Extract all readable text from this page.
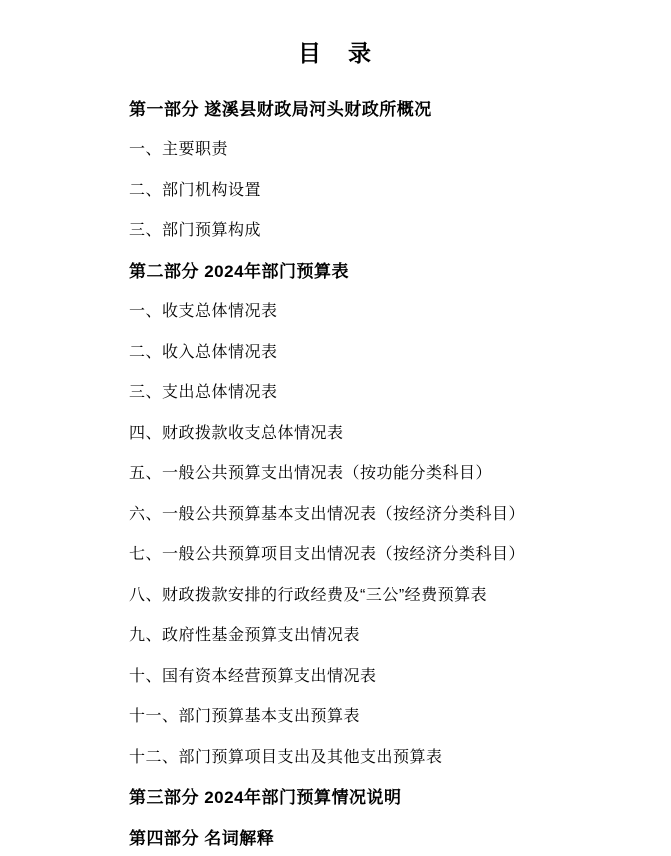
目　录
第一部分 遂溪县财政局河头财政所概况
一、主要职责
二、部门机构设置
三、部门预算构成
第二部分 2024年部门预算表
一、收支总体情况表
二、收入总体情况表
三、支出总体情况表
四、财政拨款收支总体情况表
五、一般公共预算支出情况表（按功能分类科目）
六、一般公共预算基本支出情况表（按经济分类科目）
七、一般公共预算项目支出情况表（按经济分类科目）
八、财政拨款安排的行政经费及“三公”经费预算表
九、政府性基金预算支出情况表
十、国有资本经营预算支出情况表
十一、部门预算基本支出预算表
十二、部门预算项目支出及其他支出预算表
第三部分 2024年部门预算情况说明
第四部分 名词解释
